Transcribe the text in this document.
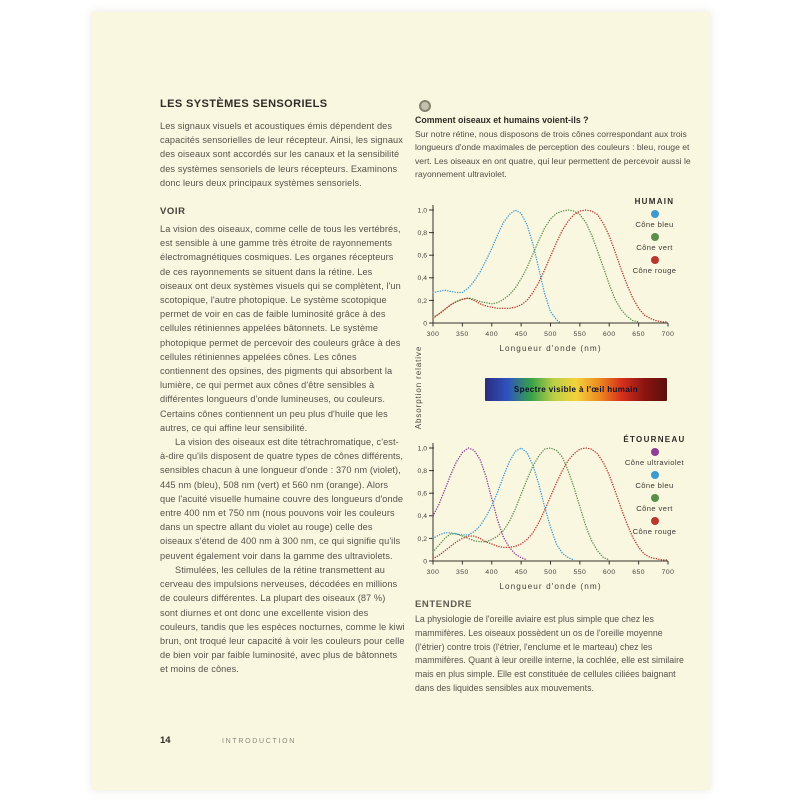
LES SYSTÈMES SENSORIELS

Les signaux visuels et acoustiques émis dépendent des capacités sensorielles de leur récepteur. Ainsi, les signaux des oiseaux sont accordés sur les canaux et la sensibilité des systèmes sensoriels de leurs récepteurs. Examinons donc leurs deux principaux systèmes sensoriels.

VOIR

La vision des oiseaux, comme celle de tous les vertébrés, est sensible à une gamme très étroite de rayonnements électromagnétiques cosmiques. Les organes récepteurs de ces rayonnements se situent dans la rétine. Les oiseaux ont deux systèmes visuels qui se complètent, l'un scotopique, l'autre photopique. Le système scotopique permet de voir en cas de faible luminosité grâce à des cellules rétiniennes appelées bâtonnets. Le système photopique permet de percevoir des couleurs grâce à des cellules rétiniennes appelées cônes. Les cônes contiennent des opsines, des pigments qui absorbent la lumière, ce qui permet aux cônes d'être sensibles à différentes longueurs d'onde lumineuses, ou couleurs. Certains cônes contiennent un peu plus d'huile que les autres, ce qui affine leur sensibilité.

La vision des oiseaux est dite tétrachromatique, c'est-à-dire qu'ils disposent de quatre types de cônes différents, sensibles chacun à une longueur d'onde : 370 nm (violet), 445 nm (bleu), 508 nm (vert) et 560 nm (orange). Alors que l'acuité visuelle humaine couvre des longueurs d'onde entre 400 nm et 750 nm (nous pouvons voir les couleurs dans un spectre allant du violet au rouge) celle des oiseaux s'étend de 400 nm à 300 nm, ce qui signifie qu'ils peuvent également voir dans la gamme des ultraviolets.

Stimulées, les cellules de la rétine transmettent au cerveau des impulsions nerveuses, décodées en millions de couleurs différentes. La plupart des oiseaux (87 %) sont diurnes et ont donc une excellente vision des couleurs, tandis que les espèces nocturnes, comme le kiwi brun, ont troqué leur capacité à voir les couleurs pour celle de bien voir par faible luminosité, avec plus de bâtonnets et moins de cônes.

Comment oiseaux et humains voient-ils ?

Sur notre rétine, nous disposons de trois cônes correspondant aux trois longueurs d'onde maximales de perception des couleurs : bleu, rouge et vert. Les oiseaux en ont quatre, qui leur permettent de percevoir aussi le rayonnement ultraviolet.

300 350 400 450 500 550 600 650 700
0
0,2
0,4
0,6
0,8
1,0
Longueur d'onde (nm)
HUMAIN
Cône bleu
Cône vert
Cône rouge
Absorption relative	Spectre visible à l'œil humain
300 350 400 450 500 550 600 650 700
0
0,2
0,4
0,6
0,8
1,0
Longueur d'onde (nm)
ÉTOURNEAU
Cône ultraviolet
Cône bleu
Cône vert
Cône rouge
ENTENDRE

La physiologie de l'oreille aviaire est plus simple que chez les mammifères. Les oiseaux possèdent un os de l'oreille moyenne (l'étrier) contre trois (l'étrier, l'enclume et le marteau) chez les mammifères. Quant à leur oreille interne, la cochlée, elle est similaire mais en plus simple. Elle est constituée de cellules ciliées baignant dans des liquides sensibles aux mouvements.

14	INTRODUCTION
